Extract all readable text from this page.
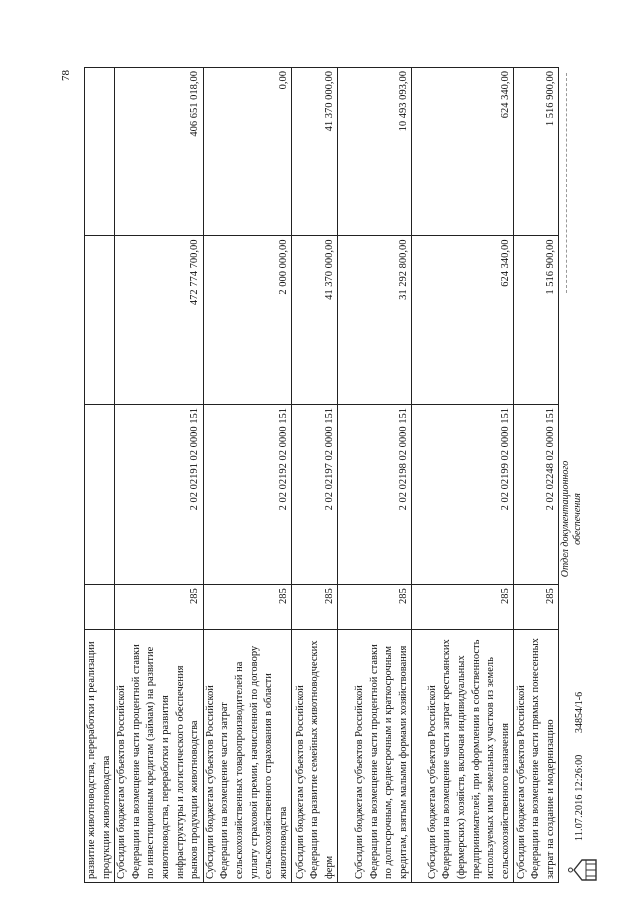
78
развитие животноводства, переработки и реализации продукции животноводства				
Субсидии бюджетам субъектов Российской Федерации на возмещение части процентной ставки по инвестиционным кредитам (займам) на развитие животноводства, переработки и развития инфраструктуры и логистического обеспечения рынков продукции животноводства	285	2 02 02191 02 0000 151	472 774 700,00	406 651 018,00
Субсидии бюджетам субъектов Российской Федерации на возмещение части затрат сельскохозяйственных товаропроизводителей на уплату страховой премии, начисленной по договору сельскохозяйственного страхования в области животноводства	285	2 02 02192 02 0000 151	2 000 000,00	0,00
Субсидии бюджетам субъектов Российской Федерации на развитие семейных животноводческих ферм	285	2 02 02197 02 0000 151	41 370 000,00	41 370 000,00
Субсидии бюджетам субъектов Российской Федерации на возмещение части процентной ставки по долгосрочным, среднесрочным и краткосрочным кредитам, взятым малыми формами хозяйствования	285	2 02 02198 02 0000 151	31 292 800,00	10 493 093,00
Субсидии бюджетам субъектов Российской Федерации на возмещение части затрат крестьянских (фермерских) хозяйств, включая индивидуальных предпринимателей, при оформлении в собственность используемых ими земельных участков из земель сельскохозяйственного назначения	285	2 02 02199 02 0000 151	624 340,00	624 340,00
Субсидии бюджетам субъектов Российской Федерации на возмещение части прямых понесенных затрат на создание и модернизацию	285	2 02 02248 02 0000 151	1 516 900,00	1 516 900,00
11.07.2016 12:26:00
34854/1-6
Отдел документационного обеспечения
